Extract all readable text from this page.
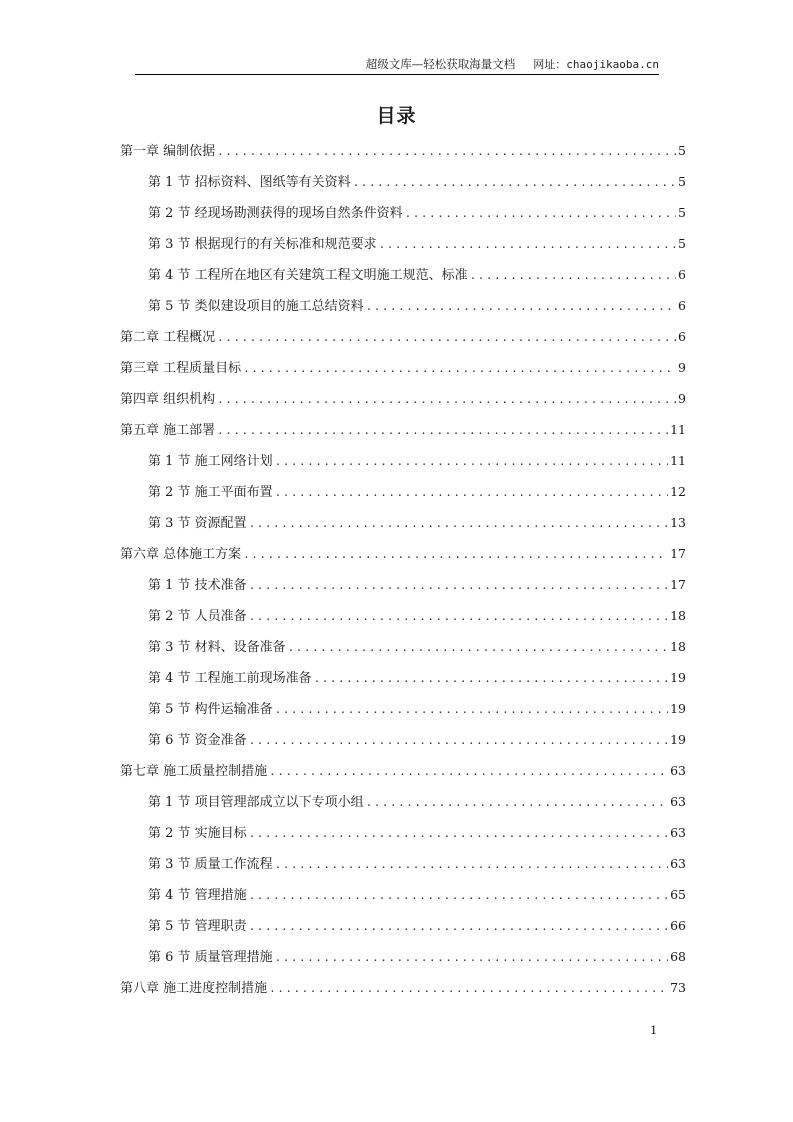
超级文库—轻松获取海量文档 网址：chaojikaoba.cn
目录
第一章 编制依据 .....	5
第 1 节 招标资料、图纸等有关资料 .....	5
第 2 节 经现场勘测获得的现场自然条件资料 .....	5
第 3 节 根据现行的有关标准和规范要求 .....	5
第 4 节 工程所在地区有关建筑工程文明施工规范、标准 .....	6
第 5 节 类似建设项目的施工总结资料 .....	6
第二章 工程概况 .....	6
第三章 工程质量目标 .....	9
第四章 组织机构 .....	9
第五章 施工部署 .....	11
第 1 节 施工网络计划 .....	11
第 2 节 施工平面布置 .....	12
第 3 节 资源配置 .....	13
第六章 总体施工方案 .....	17
第 1 节 技术准备 .....	17
第 2 节 人员准备 .....	18
第 3 节 材料、设备准备 .....	18
第 4 节 工程施工前现场准备 .....	19
第 5 节 构件运输准备 .....	19
第 6 节 资金准备 .....	19
第七章 施工质量控制措施 .....	63
第 1 节 项目管理部成立以下专项小组 .....	63
第 2 节 实施目标 .....	63
第 3 节 质量工作流程 .....	63
第 4 节 管理措施 .....	65
第 5 节 管理职责 .....	66
第 6 节 质量管理措施 .....	68
第八章 施工进度控制措施 .....	73
1
